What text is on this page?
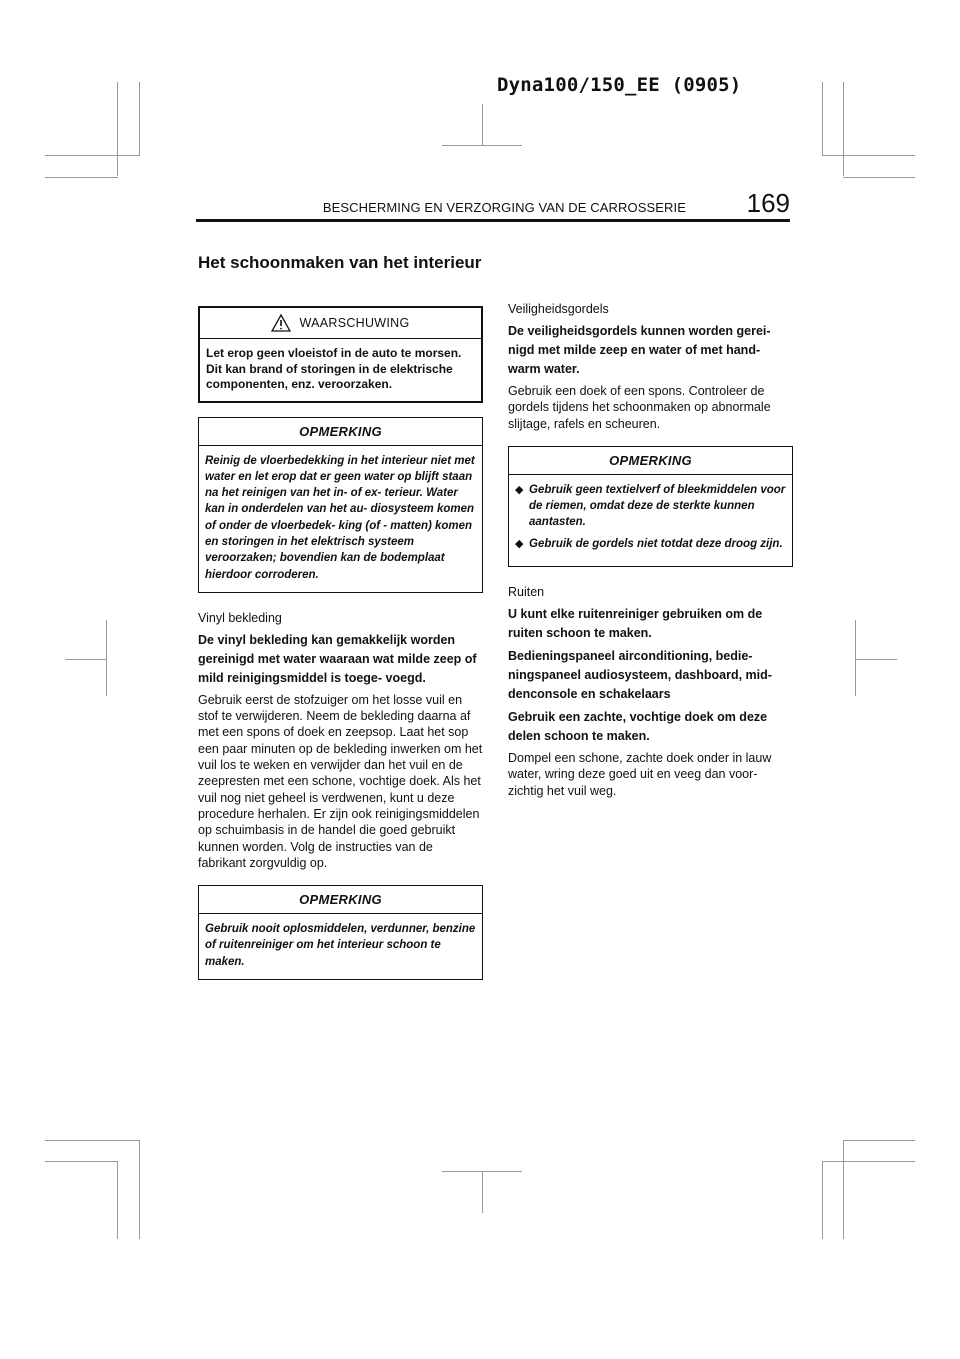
Dyna100/150_EE (0905)
BESCHERMING EN VERZORGING VAN DE CARROSSERIE 169
Het schoonmaken van het interieur
WAARSCHUWING
Let erop geen vloeistof in de auto te morsen. Dit kan brand of storingen in de elektrische componenten, enz. veroorzaken.
OPMERKING
Reinig de vloerbedekking in het interieur niet met water en let erop dat er geen water op blijft staan na het reinigen van het in- of ex- terieur. Water kan in onderdelen van het au- diosysteem komen of onder de vloerbedek- king (of - matten) komen en storingen in het elektrisch systeem veroorzaken; bovendien kan de bodemplaat hierdoor corroderen.

Vinyl bekleding

De vinyl bekleding kan gemakkelijk worden gereinigd met water waaraan wat milde zeep of mild reinigingsmiddel is toege- voegd.

Gebruik eerst de stofzuiger om het losse vuil en stof te verwijderen. Neem de bekleding daarna af met een spons of doek en zeepsop. Laat het sop een paar minuten op de bekleding inwerken om het vuil los te weken en verwijder dan het vuil en de zeepresten met een schone, vochtige doek. Als het vuil nog niet geheel is verdwenen, kunt u deze procedure herhalen. Er zijn ook reinigingsmiddelen op schuimbasis in de handel die goed gebruikt kunnen worden. Volg de instructies van de fabrikant zorgvuldig op.

OPMERKING
Gebruik nooit oplosmiddelen, verdunner, benzine of ruitenreiniger om het interieur schoon te maken.

Veiligheidsgordels

De veiligheidsgordels kunnen worden gerei- nigd met milde zeep en water of met hand- warm water.

Gebruik een doek of een spons. Controleer de gordels tijdens het schoonmaken op abnormale slijtage, rafels en scheuren.

OPMERKING
◆ Gebruik geen textielverf of bleekmiddelen voor de riemen, omdat deze de sterkte kunnen aantasten.
◆ Gebruik de gordels niet totdat deze droog zijn.

Ruiten

U kunt elke ruitenreiniger gebruiken om de ruiten schoon te maken.

Bedieningspaneel airconditioning, bedie- ningspaneel audiosysteem, dashboard, mid- denconsole en schakelaars

Gebruik een zachte, vochtige doek om deze delen schoon te maken.

Dompel een schone, zachte doek onder in lauw water, wring deze goed uit en veeg dan voor- zichtig het vuil weg.
